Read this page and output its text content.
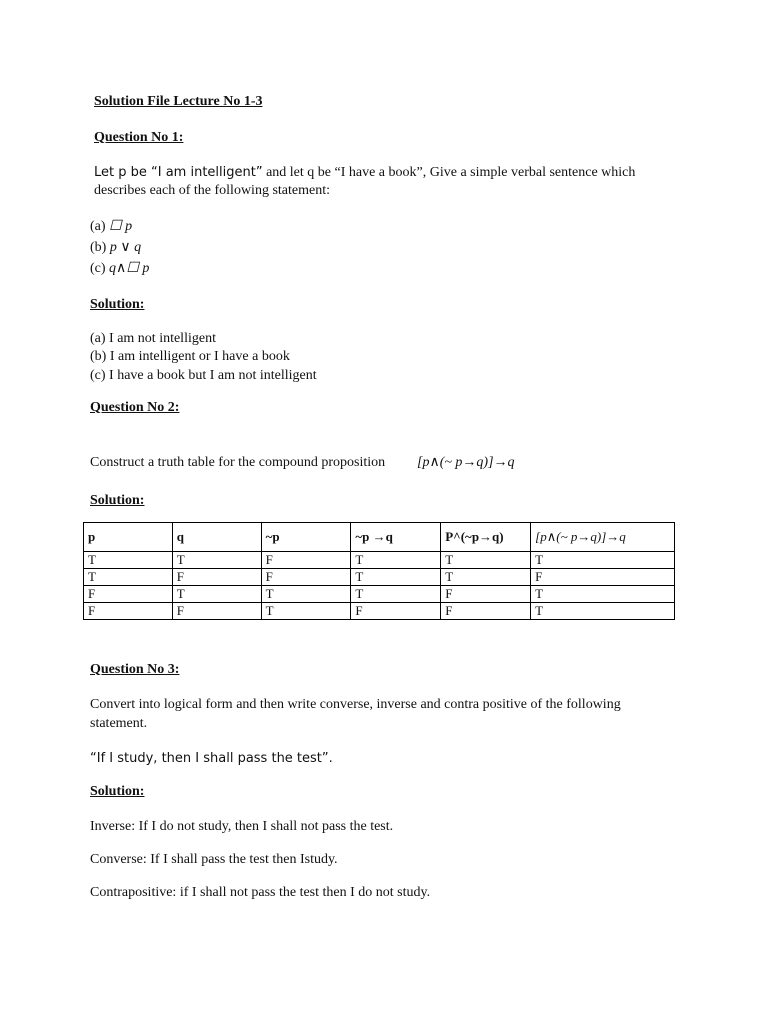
Solution File Lecture No 1-3
Question No 1:
Let p be “I am intelligent” and let q be “I have a book”, Give a simple verbal sentence which
describes each of the following statement:
(a) ☐ p
(b) p ∨ q
(c) q∧☐ p
Solution:
(a) I am not intelligent
(b) I am intelligent or I have a book
(c) I have a book but I am not intelligent
Question No 2:
Construct a truth table for the compound proposition [p∧(~ p→q)]→q
Solution:
p	q	~p	~p →q	P^(~p→q)	[p∧(~ p→q)]→q
T	T	F	T	T	T
T	F	F	T	T	F
F	T	T	T	F	T
F	F	T	F	F	T
Question No 3:
Convert into logical form and then write converse, inverse and contra positive of the following
statement.
“If I study, then I shall pass the test”.
Solution:
Inverse: If I do not study, then I shall not pass the test.
Converse: If I shall pass the test then Istudy.
Contrapositive: if I shall not pass the test then I do not study.
